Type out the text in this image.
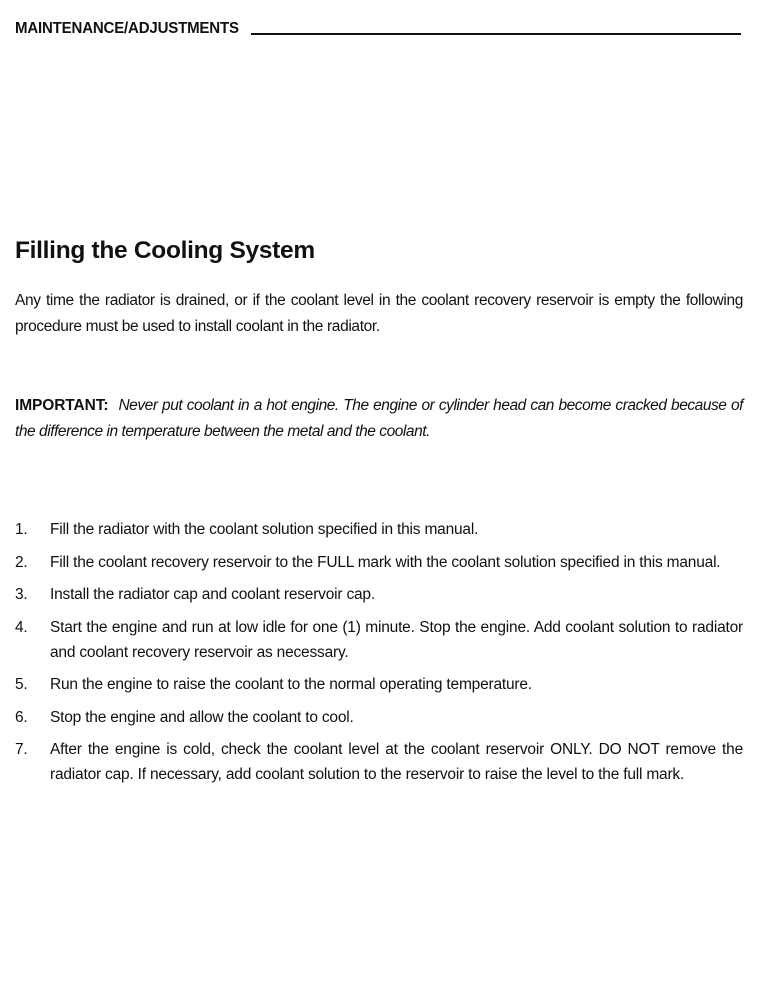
MAINTENANCE/ADJUSTMENTS
Filling the Cooling System

Any time the radiator is drained, or if the coolant level in the coolant recovery reservoir is empty the following procedure must be used to install coolant in the radiator.

IMPORTANT: Never put coolant in a hot engine. The engine or cylinder head can become cracked because of the difference in temperature between the metal and the coolant.

1.	Fill the radiator with the coolant solution specified in this manual.
2.	Fill the coolant recovery reservoir to the FULL mark with the coolant solution specified in this manual.
3.	Install the radiator cap and coolant reservoir cap.
4.	Start the engine and run at low idle for one (1) minute. Stop the engine. Add coolant solution to radiator and coolant recovery reservoir as necessary.
5.	Run the engine to raise the coolant to the normal operating temperature.
6.	Stop the engine and allow the coolant to cool.
7.	After the engine is cold, check the coolant level at the coolant reservoir ONLY. DO NOT remove the radiator cap. If necessary, add coolant solution to the reservoir to raise the level to the full mark.
